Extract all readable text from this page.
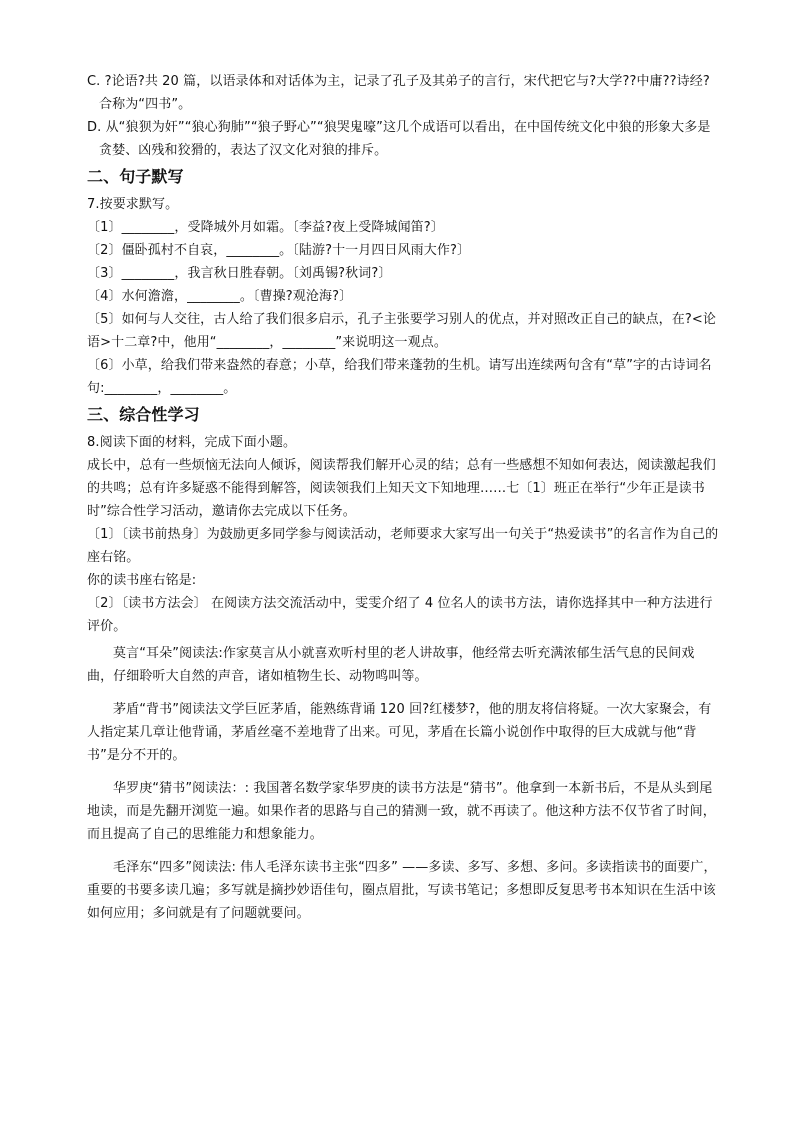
C. ?论语?共 20 篇，以语录体和对话体为主，记录了孔子及其弟子的言行，宋代把它与?大学??中庸??诗经?合称为“四书”。

D. 从“狼狈为奸”“狼心狗肺”“狼子野心”“狼哭鬼嚎”这几个成语可以看出，在中国传统文化中狼的形象大多是贪婪、凶残和狡猾的，表达了汉文化对狼的排斥。

二、句子默写

7.按要求默写。

〔1〕________，受降城外月如霜。〔李益?夜上受降城闻笛?〕

〔2〕僵卧孤村不自哀，________。〔陆游?十一月四日风雨大作?〕

〔3〕________，我言秋日胜春朝。〔刘禹锡?秋词?〕

〔4〕水何澹澹，________。〔曹操?观沧海?〕

〔5〕如何与人交往，古人给了我们很多启示，孔子主张要学习别人的优点，并对照改正自己的缺点，在?<论语>十二章?中，他用“________，________”来说明这一观点。

〔6〕小草，给我们带来盎然的春意；小草，给我们带来蓬勃的生机。请写出连续两句含有“草”字的古诗词名句:________，________。

三、综合性学习

8.阅读下面的材料，完成下面小题。

成长中，总有一些烦恼无法向人倾诉，阅读帮我们解开心灵的结；总有一些感想不知如何表达，阅读激起我们的共鸣；总有许多疑惑不能得到解答，阅读领我们上知天文下知地理……七〔1〕班正在举行“少年正是读书时”综合性学习活动，邀请你去完成以下任务。

〔1〕〔读书前热身〕为鼓励更多同学参与阅读活动，老师要求大家写出一句关于“热爱读书”的名言作为自己的座右铭。

你的读书座右铭是:

〔2〕〔读书方法会〕 在阅读方法交流活动中，雯雯介绍了 4 位名人的读书方法，请你选择其中一种方法进行评价。

莫言“耳朵”阅读法:作家莫言从小就喜欢听村里的老人讲故事，他经常去听充满浓郁生活气息的民间戏曲，仔细聆听大自然的声音，诸如植物生长、动物鸣叫等。

茅盾“背书”阅读法文学巨匠茅盾，能熟练背诵 120 回?红楼梦?，他的朋友将信将疑。一次大家聚会，有人指定某几章让他背诵，茅盾丝毫不差地背了出来。可见，茅盾在长篇小说创作中取得的巨大成就与他“背书”是分不开的。

华罗庚“猜书”阅读法：: 我国著名数学家华罗庚的读书方法是“猜书”。他拿到一本新书后，不是从头到尾地读，而是先翻开浏览一遍。如果作者的思路与自己的猜测一致，就不再读了。他这种方法不仅节省了时间，而且提高了自己的思维能力和想象能力。

毛泽东“四多”阅读法: 伟人毛泽东读书主张“四多” ——多读、多写、多想、多问。多读指读书的面要广，重要的书要多读几遍；多写就是摘抄妙语佳句，圈点眉批，写读书笔记；多想即反复思考书本知识在生活中该如何应用；多问就是有了问题就要问。
